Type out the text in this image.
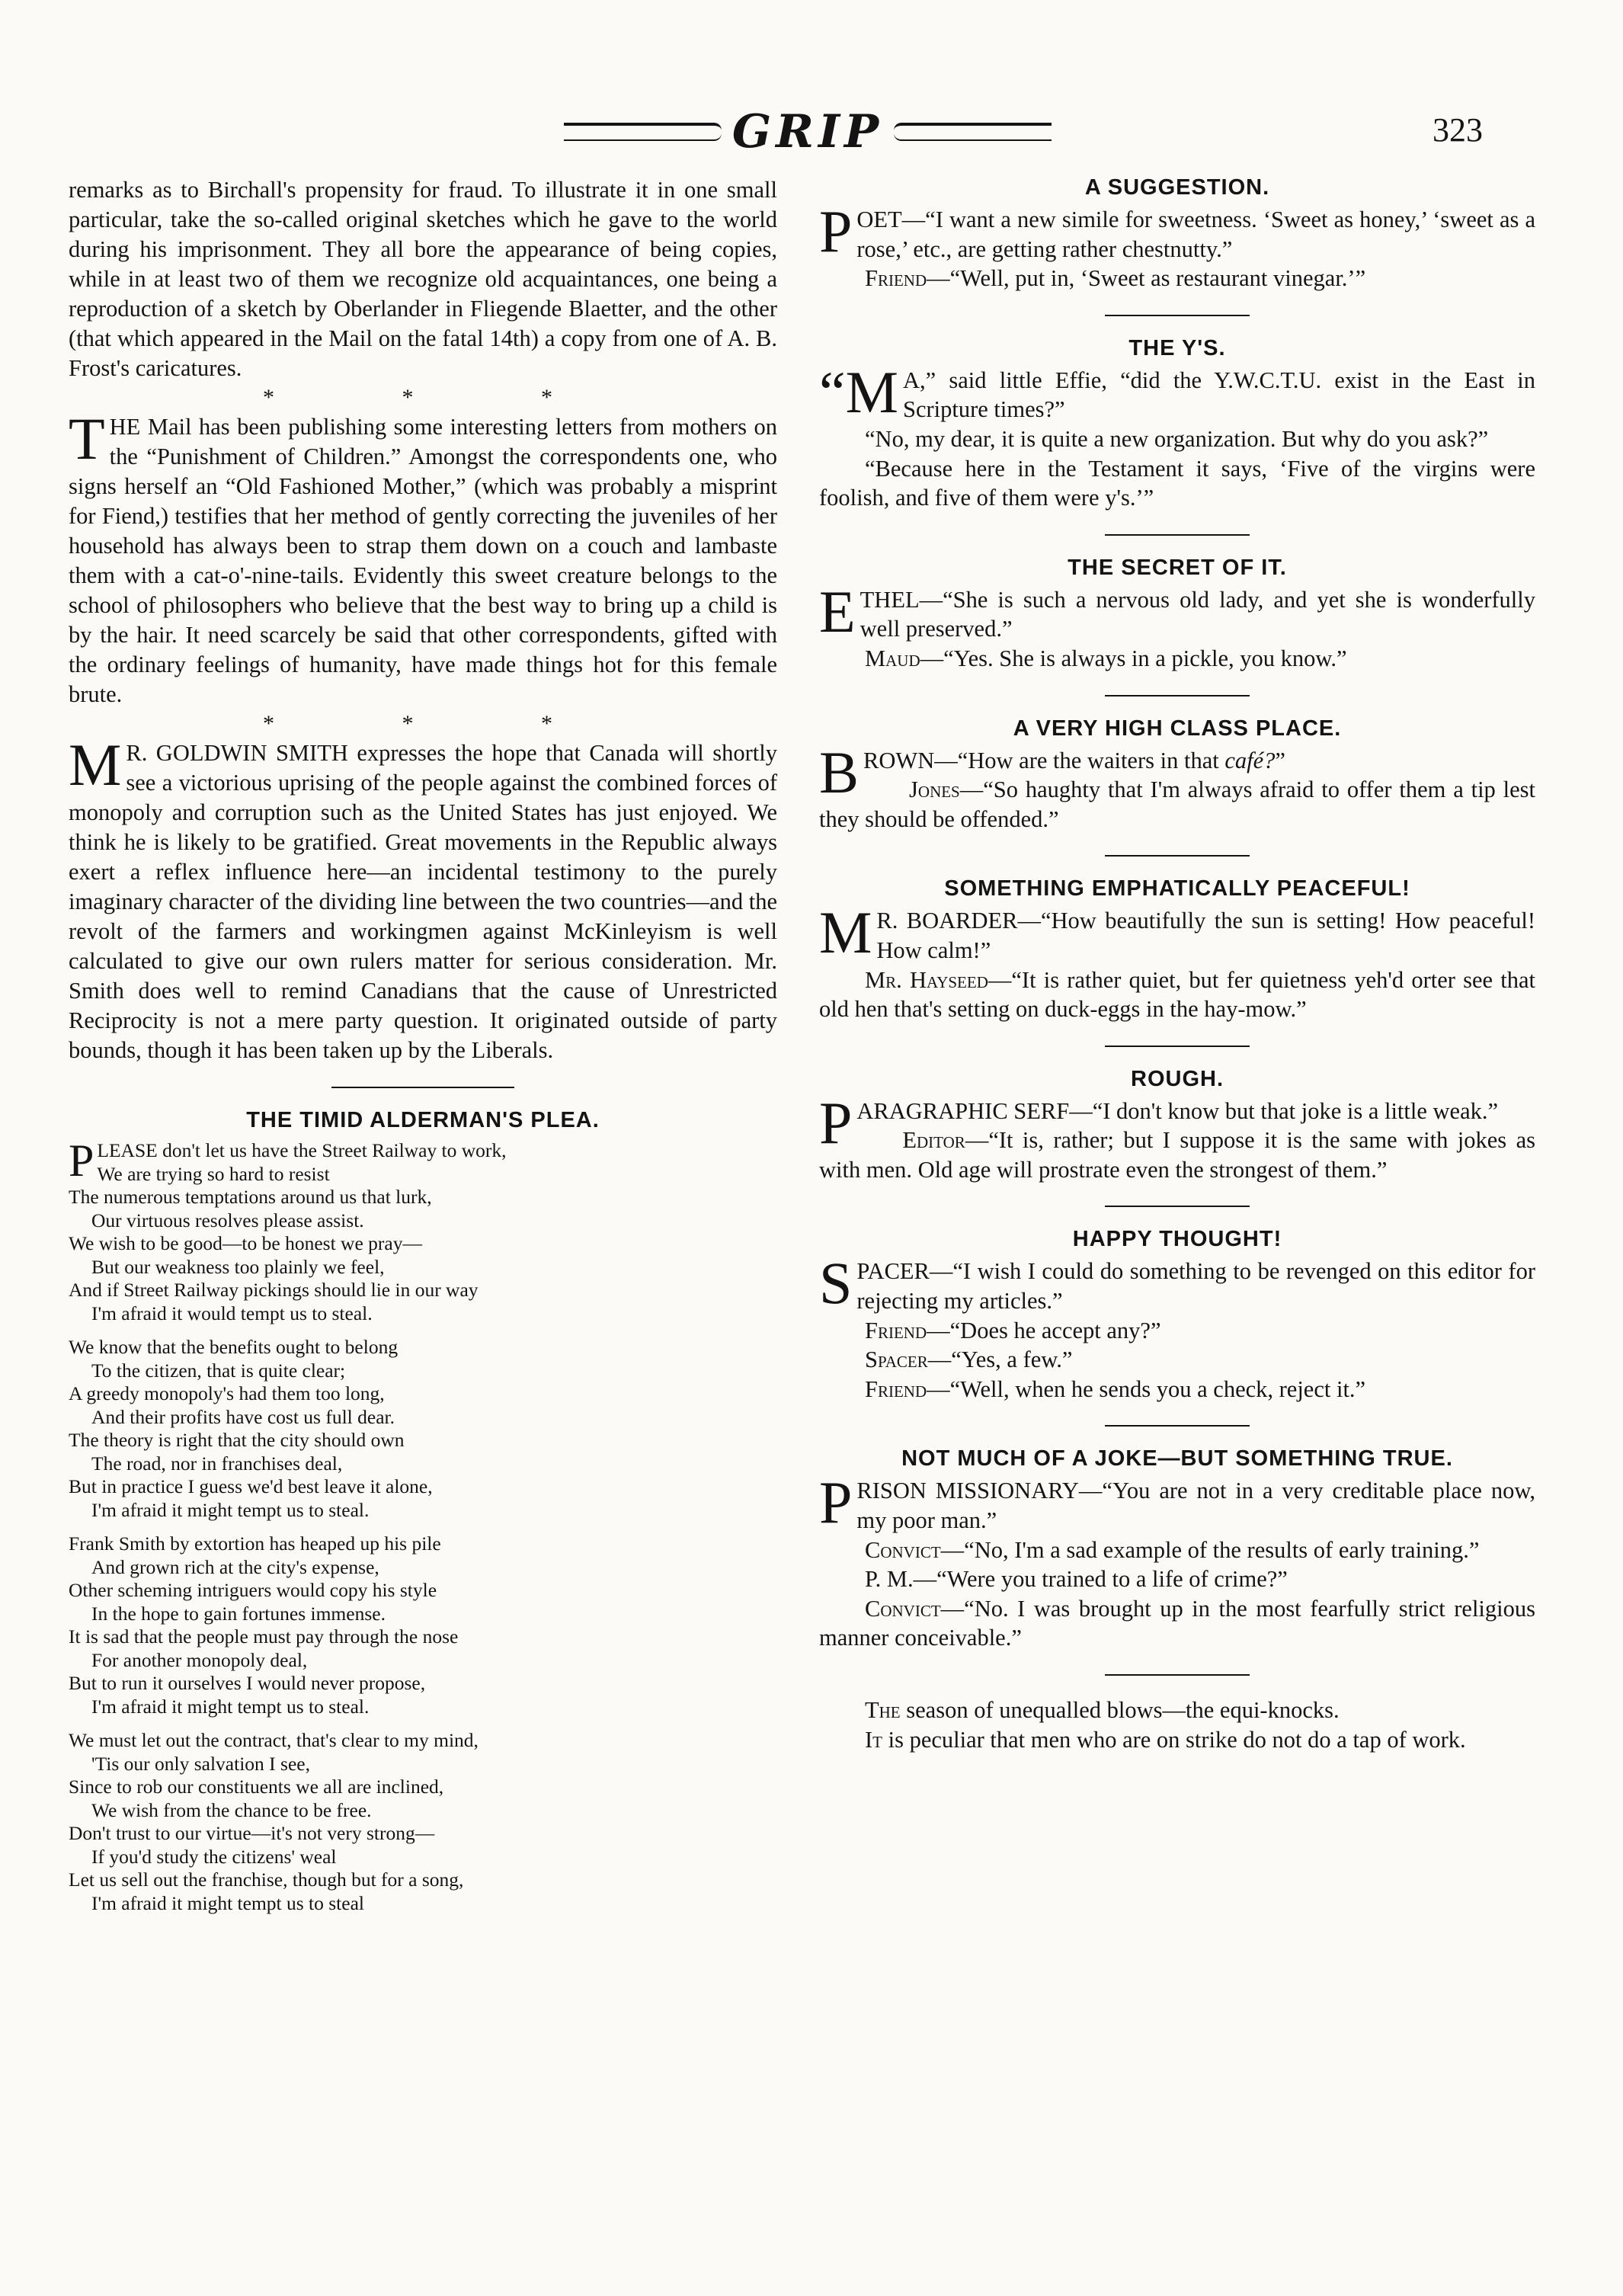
GRIP	323

remarks as to Birchall's propensity for fraud. To illustrate it in one small particular, take the so-called original sketches which he gave to the world during his imprisonment. They all bore the appearance of being copies, while in at least two of them we recognize old acquaintances, one being a reproduction of a sketch by Oberlander in Fliegende Blaetter, and the other (that which appeared in the Mail on the fatal 14th) a copy from one of A. B. Frost's caricatures.

* * *

THE Mail has been publishing some interesting letters from mothers on the “Punishment of Children.” Amongst the correspondents one, who signs herself an “Old Fashioned Mother,” (which was probably a misprint for Fiend,) testifies that her method of gently correcting the juveniles of her household has always been to strap them down on a couch and lambaste them with a cat-o'-nine-tails. Evidently this sweet creature belongs to the school of philosophers who believe that the best way to bring up a child is by the hair. It need scarcely be said that other correspondents, gifted with the ordinary feelings of humanity, have made things hot for this female brute.

* * *

M R. GOLDWIN SMITH expresses the hope that Canada will shortly see a victorious uprising of the people against the combined forces of monopoly and corruption such as the United States has just enjoyed. We think he is likely to be gratified. Great movements in the Republic always exert a reflex influence here—an incidental testimony to the purely imaginary character of the dividing line between the two countries—and the revolt of the farmers and workingmen against McKinleyism is well calculated to give our own rulers matter for serious consideration. Mr. Smith does well to remind Canadians that the cause of Unrestricted Reciprocity is not a mere party question. It originated outside of party bounds, though it has been taken up by the Liberals.

THE TIMID ALDERMAN'S PLEA.
PLEASE don't let us have the Street Railway to work,
We are trying so hard to resist
The numerous temptations around us that lurk,
Our virtuous resolves please assist.
We wish to be good—to be honest we pray—
But our weakness too plainly we feel,
And if Street Railway pickings should lie in our way
I'm afraid it would tempt us to steal.
We know that the benefits ought to belong
To the citizen, that is quite clear;
A greedy monopoly's had them too long,
And their profits have cost us full dear.
The theory is right that the city should own
The road, nor in franchises deal,
But in practice I guess we'd best leave it alone,
I'm afraid it might tempt us to steal.
Frank Smith by extortion has heaped up his pile
And grown rich at the city's expense,
Other scheming intriguers would copy his style
In the hope to gain fortunes immense.
It is sad that the people must pay through the nose
For another monopoly deal,
But to run it ourselves I would never propose,
I'm afraid it might tempt us to steal.
We must let out the contract, that's clear to my mind,
'Tis our only salvation I see,
Since to rob our constituents we all are inclined,
We wish from the chance to be free.
Don't trust to our virtue—it's not very strong—
If you'd study the citizens' weal
Let us sell out the franchise, though but for a song,
I'm afraid it might tempt us to steal
A SUGGESTION.

POET—“I want a new simile for sweetness. ‘Sweet as honey,’ ‘sweet as a rose,’ etc., are getting rather chestnutty.”

Friend—“Well, put in, ‘Sweet as restaurant vinegar.’”

THE Y'S.

“M A,” said little Effie, “did the Y.W.C.T.U. exist in the East in Scripture times?”

“No, my dear, it is quite a new organization. But why do you ask?”

“Because here in the Testament it says, ‘Five of the virgins were foolish, and five of them were y's.’”

THE SECRET OF IT.

ETHEL—“She is such a nervous old lady, and yet she is wonderfully well preserved.”

Maud—“Yes. She is always in a pickle, you know.”

A VERY HIGH CLASS PLACE.

BROWN—“How are the waiters in that café?”

Jones—“So haughty that I'm always afraid to offer them a tip lest they should be offended.”

SOMETHING EMPHATICALLY PEACEFUL!

M R. BOARDER—“How beautifully the sun is setting! How peaceful! How calm!”

Mr. Hayseed—“It is rather quiet, but fer quietness yeh'd orter see that old hen that's setting on duck-eggs in the hay-mow.”

ROUGH.

PARAGRAPHIC SERF—“I don't know but that joke is a little weak.”

Editor—“It is, rather; but I suppose it is the same with jokes as with men. Old age will prostrate even the strongest of them.”

HAPPY THOUGHT!

SPACER—“I wish I could do something to be revenged on this editor for rejecting my articles.”

Friend—“Does he accept any?”

Spacer—“Yes, a few.”

Friend—“Well, when he sends you a check, reject it.”

NOT MUCH OF A JOKE—BUT SOMETHING TRUE.

PRISON MISSIONARY—“You are not in a very creditable place now, my poor man.”

Convict—“No, I'm a sad example of the results of early training.”

P. M.—“Were you trained to a life of crime?”

Convict—“No. I was brought up in the most fearfully strict religious manner conceivable.”

The season of unequalled blows—the equi-knocks.

It is peculiar that men who are on strike do not do a tap of work.
